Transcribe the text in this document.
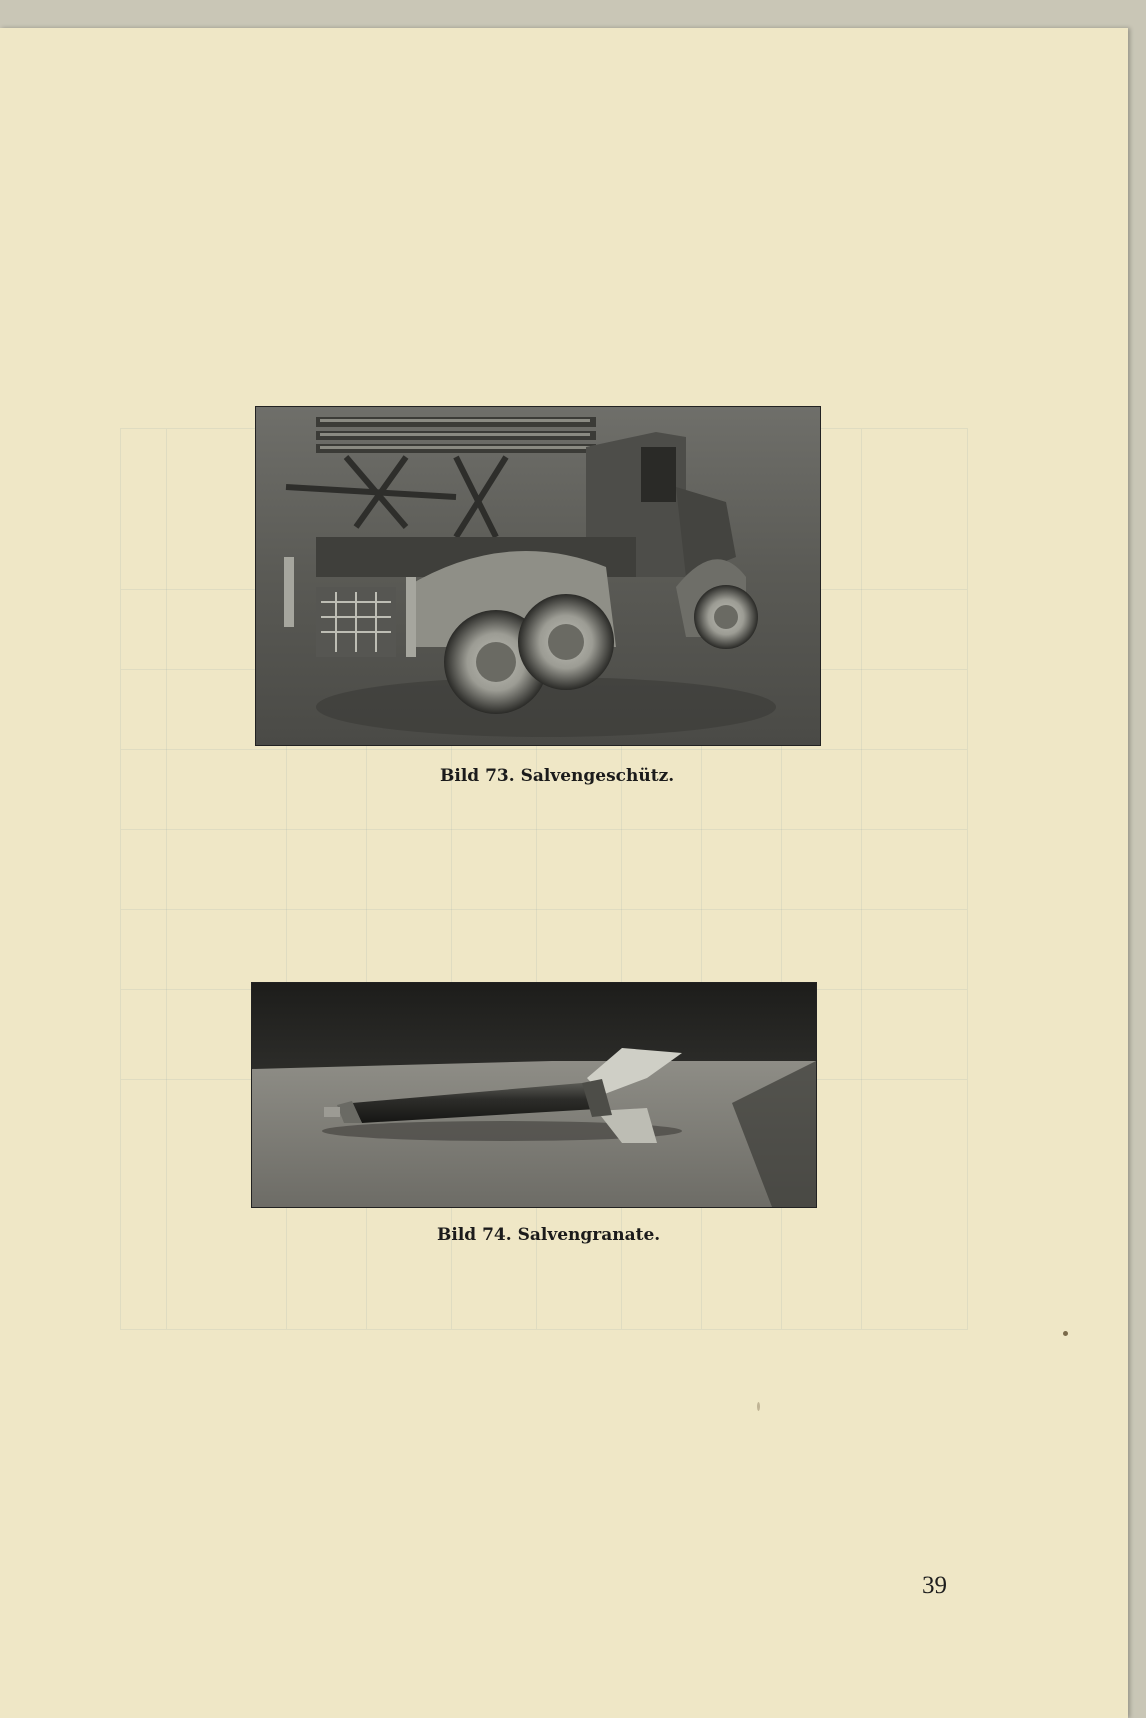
Bild 73. Salvengeschütz.
Bild 74. Salvengranate.
39
